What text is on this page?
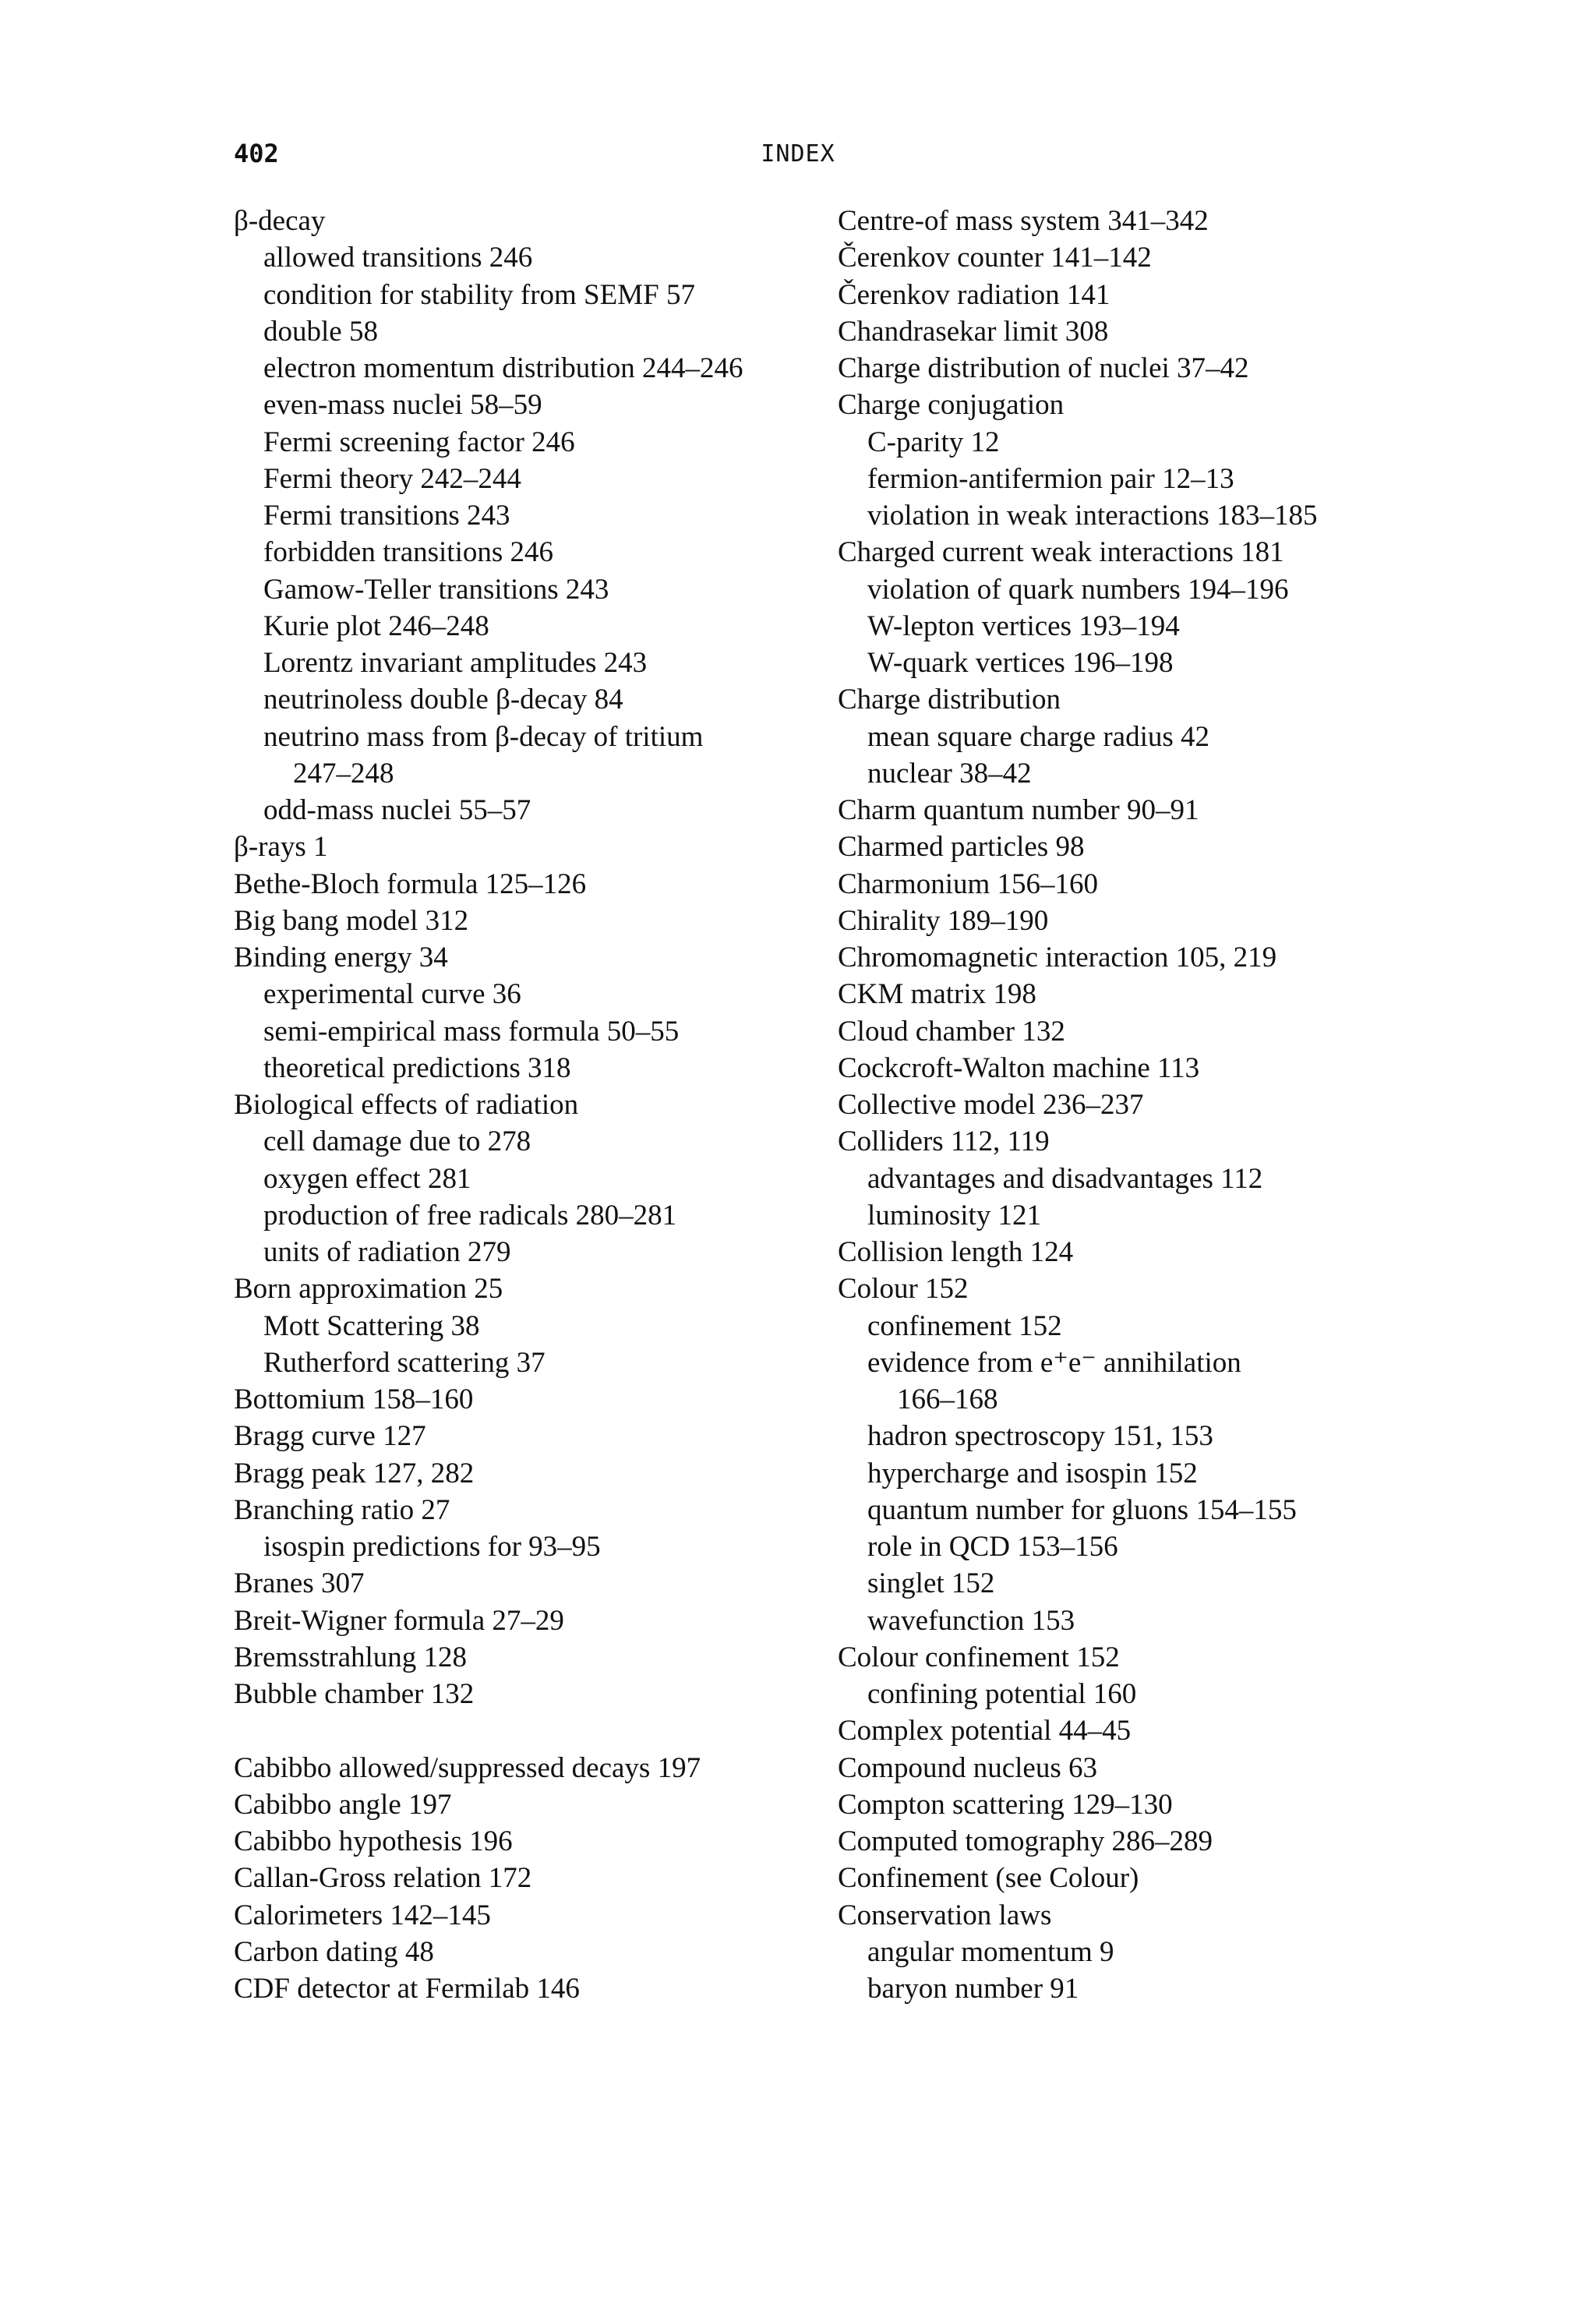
402	INDEX
β-decay
allowed transitions 246
condition for stability from SEMF 57
double 58
electron momentum distribution 244–246
even-mass nuclei 58–59
Fermi screening factor 246
Fermi theory 242–244
Fermi transitions 243
forbidden transitions 246
Gamow-Teller transitions 243
Kurie plot 246–248
Lorentz invariant amplitudes 243
neutrinoless double β-decay 84
neutrino mass from β-decay of tritium
247–248
odd-mass nuclei 55–57
β-rays 1
Bethe-Bloch formula 125–126
Big bang model 312
Binding energy 34
experimental curve 36
semi-empirical mass formula 50–55
theoretical predictions 318
Biological effects of radiation
cell damage due to 278
oxygen effect 281
production of free radicals 280–281
units of radiation 279
Born approximation 25
Mott Scattering 38
Rutherford scattering 37
Bottomium 158–160
Bragg curve 127
Bragg peak 127, 282
Branching ratio 27
isospin predictions for 93–95
Branes 307
Breit-Wigner formula 27–29
Bremsstrahlung 128
Bubble chamber 132
Cabibbo allowed/suppressed decays 197
Cabibbo angle 197
Cabibbo hypothesis 196
Callan-Gross relation 172
Calorimeters 142–145
Carbon dating 48
CDF detector at Fermilab 146
Centre-of mass system 341–342
Čerenkov counter 141–142
Čerenkov radiation 141
Chandrasekar limit 308
Charge distribution of nuclei 37–42
Charge conjugation
C-parity 12
fermion-antifermion pair 12–13
violation in weak interactions 183–185
Charged current weak interactions 181
violation of quark numbers 194–196
W-lepton vertices 193–194
W-quark vertices 196–198
Charge distribution
mean square charge radius 42
nuclear 38–42
Charm quantum number 90–91
Charmed particles 98
Charmonium 156–160
Chirality 189–190
Chromomagnetic interaction 105, 219
CKM matrix 198
Cloud chamber 132
Cockcroft-Walton machine 113
Collective model 236–237
Colliders 112, 119
advantages and disadvantages 112
luminosity 121
Collision length 124
Colour 152
confinement 152
evidence from e⁺e⁻ annihilation
166–168
hadron spectroscopy 151, 153
hypercharge and isospin 152
quantum number for gluons 154–155
role in QCD 153–156
singlet 152
wavefunction 153
Colour confinement 152
confining potential 160
Complex potential 44–45
Compound nucleus 63
Compton scattering 129–130
Computed tomography 286–289
Confinement (see Colour)
Conservation laws
angular momentum 9
baryon number 91
